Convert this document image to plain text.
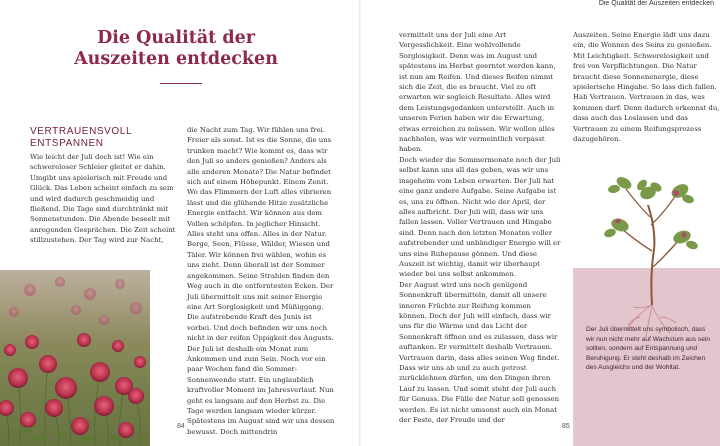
Die Qualität der Auszeiten entdecken
Die Qualität der Auszeiten entdecken
VERTRAUENSVOLL ENTSPANNEN

Wie leicht der Juli doch ist! Wie ein schwereloser Schleier gleitet er dahin. Umgibt uns spielerisch mit Freude und Glück. Das Leben scheint einfach zu sein und wird dadurch geschmeidig und fließend. Die Tage sind durchtränkt mit Sonnenstunden. Die Abende beseelt mit anregenden Gesprächen. Die Zeit scheint stillzustehen. Der Tag wird zur Nacht,

die Nacht zum Tag. Wir fühlen uns frei. Freier als sonst. Ist es die Sonne, die uns trunken macht? Wie kommt es, dass wir den Juli so anders genießen? Anders als alle anderen Monate? Die Natur befindet sich auf einem Höhepunkt. Einem Zenit. Wo das Flimmern der Luft alles vibrieren lässt und die glühende Hitze zusätzliche Energie entfacht. Wir können aus dem Vollen schöpfen. In jeglicher Hinsicht. Alles steht uns offen. Alles in der Natur. Berge, Seen, Flüsse, Wälder, Wiesen und Täler. Wir können frei wählen, wohin es uns zieht. Denn überall ist der Sommer angekommen. Seine Strahlen finden den Weg auch in die entferntesten Ecken. Der Juli übermittelt uns mit seiner Energie eine Art Sorglosigkeit und Müßiggang. Die aufstrebende Kraft des Junis ist vorbei. Und doch befinden wir uns noch nicht in der reifen Üppigkeit des Augusts. Der Juli ist deshalb ein Monat zum Ankommen und zum Sein. Noch vor ein paar Wochen fand die Sommer-Sonnenwende statt. Ein unglaublich kraftvoller Moment im Jahresverlauf. Nun geht es langsam auf den Herbst zu. Die Tage werden langsam wieder kürzer. Spätestens im August sind wir uns dessen bewusst. Doch mittendrin

vermittelt uns der Juli eine Art Vergesslichkeit. Eine wohlvollende Sorglosigkeit. Denn was im August und spätestens im Herbst geerntet werden kann, ist nun am Reifen. Und dieses Reifen nimmt sich die Zeit, die es braucht. Viel zu oft erwarten wir sogleich Resultate. Alles wird dem Leistungsgedanken unterstellt. Auch in unseren Ferien haben wir die Erwartung, etwas erreichen zu müssen. Wir wollen alles nachholen, was wir vermeintlich verpasst haben.

Doch wieder die Sommermonate noch der Juli selbst kann uns all das geben, was wir uns insgeheim vom Leben erwarten. Der Juli hat eine ganz andere Aufgabe. Seine Aufgabe ist es, uns zu öffnen. Nicht wie der April, der alles aufbricht. Der Juli will, dass wir uns fallen lassen. Voller Vertrauen und Hingabe sind. Denn nach den letzten Monaten voller aufstrebender und unbändiger Energie will er uns eine Ruhepause gönnen. Und diese Auszeit ist wichtig, damit wir überhaupt wieder bei uns selbst ankommen.

Der August wird uns noch genügend Sonnenkraft übermitteln, damit all unsere inneren Früchte zur Reifung kommen können. Doch der Juli will einfach, dass wir uns für die Wärme und das Licht der Sonnenkraft öffnen und es zulassen, dass wir auftanken. Er vermittelt deshalb Vertrauen. Vertrauen darin, dass alles seinen Weg findet. Dass wir uns ab und zu auch getrost zurücklehnen dürfen, um den Dingen ihren Lauf zu lassen. Und somit steht der Juli auch für Genuss. Die Fülle der Natur soll genossen werden. Es ist nicht umsonst auch ein Monat der Feste, der Freude und der

Auszeiten. Seine Energie lädt uns dazu ein, die Wonnen des Seins zu genießen. Mit Leichtigkeit. Schwerelosigkeit und frei von Verpflichtungen. Die Natur braucht diese Sonnenenergie, diese spielerische Hingabe. So lass dich fallen. Hab Vertrauen. Vertrauen in das, was kommen darf. Denn dadurch erkennst du, dass auch das Loslassen und das Vertrauen zu einem Reifungsprozess dazugehören.

Der Juli übermittelt uns symbolisch, dass wir nun nicht mehr auf Wachstum aus sein sollten, sondern auf Entspannung und Beruhigung. Er steht deshalb im Zeichen des Ausgleichs und der Wohltat.
84	85
